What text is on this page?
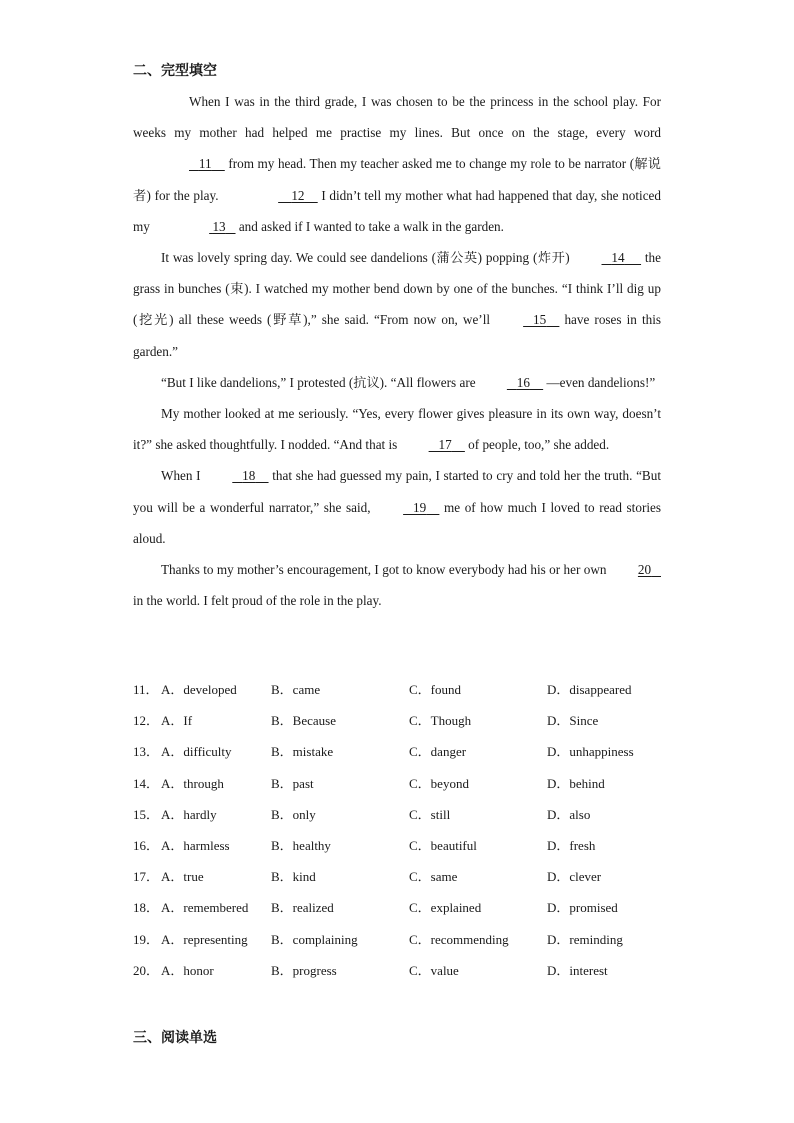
二、完型填空

When I was in the third grade, I was chosen to be the princess in the school play. For weeks my mother had helped me practise my lines. But once on the stage, every word    11     from my head. Then my teacher asked me to change my role to be narrator (解说者) for the play.	12     I didn’t tell my mother what had happened that day, she noticed my	13    and asked if I wanted to take a walk in the garden.

It was lovely spring day. We could see dandelions (蒲公英) popping (炸开)	14      the grass in bunches (束). I watched my mother bend down by one of the bunches. “I think I’ll dig up (挖光) all these weeds (野草),” she said. “From now on, we’ll	15     have roses in this garden.”

“But I like dandelions,” I protested (抗议). “All flowers are	16     —even dandelions!”

My mother looked at me seriously. “Yes, every flower gives pleasure in its own way, doesn’t it?” she asked thoughtfully. I nodded. “And that is	17     of people, too,” she added.

When I	18     that she had guessed my pain, I started to cry and told her the truth. “But you will be a wonderful narrator,” she said,	19     me of how much I loved to read stories aloud.

Thanks to my mother’s encouragement, I got to know everybody had his or her own 20    in the world. I felt proud of the role in the play.

11． A．developed	B．came	C．found	D．disappeared
12． A．If	B．Because	C．Though	D．Since
13． A．difficulty	B．mistake	C．danger	D．unhappiness
14． A．through	B．past	C．beyond	D．behind
15． A．hardly	B．only	C．still	D．also
16． A．harmless	B．healthy	C．beautiful	D．fresh
17． A．true	B．kind	C．same	D．clever
18． A．remembered B．realized	C．explained	D．promised
19． A．representing B．complaining	C．recommending	D．reminding
20． A．honor	B．progress	C．value	D．interest
三、阅读单选
